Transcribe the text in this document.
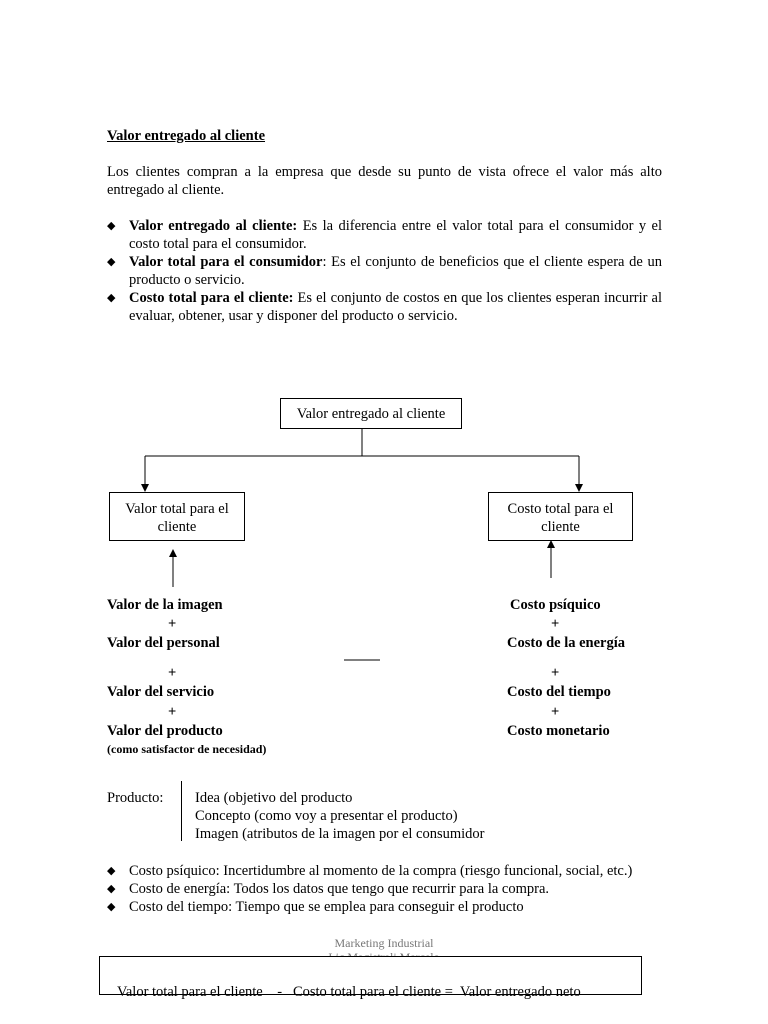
Valor entregado al cliente
Los clientes compran a la empresa que desde su punto de vista ofrece el valor más alto entregado al cliente.
◆ Valor entregado al cliente: Es la diferencia entre el valor total para el consumidor y el costo total para el consumidor.
◆ Valor total para el consumidor: Es el conjunto de beneficios que el cliente espera de un producto o servicio.
◆ Costo total para el cliente: Es el conjunto de costos en que los clientes esperan incurrir al evaluar, obtener, usar y disponer del producto o servicio.
Valor entregado al cliente
Valor total para el cliente
Costo total para el cliente
Valor de la imagen
+
Valor del personal
+
Valor del servicio
+
Valor del producto
(como satisfactor de necesidad)
Costo psíquico
+
Costo de la energía
+
Costo del tiempo
+
Costo monetario
Producto: Idea (objetivo del producto
Concepto (como voy a presentar el producto)
Imagen (atributos de la imagen por el consumidor
◆ Costo psíquico: Incertidumbre al momento de la compra (riesgo funcional, social, etc.)
◆ Costo de energía: Todos los datos que tengo que recurrir para la compra.
◆ Costo del tiempo: Tiempo que se emplea para conseguir el producto
Marketing Industrial

Valor total para el cliente    -   Costo total para el cliente =  Valor entregado neto
